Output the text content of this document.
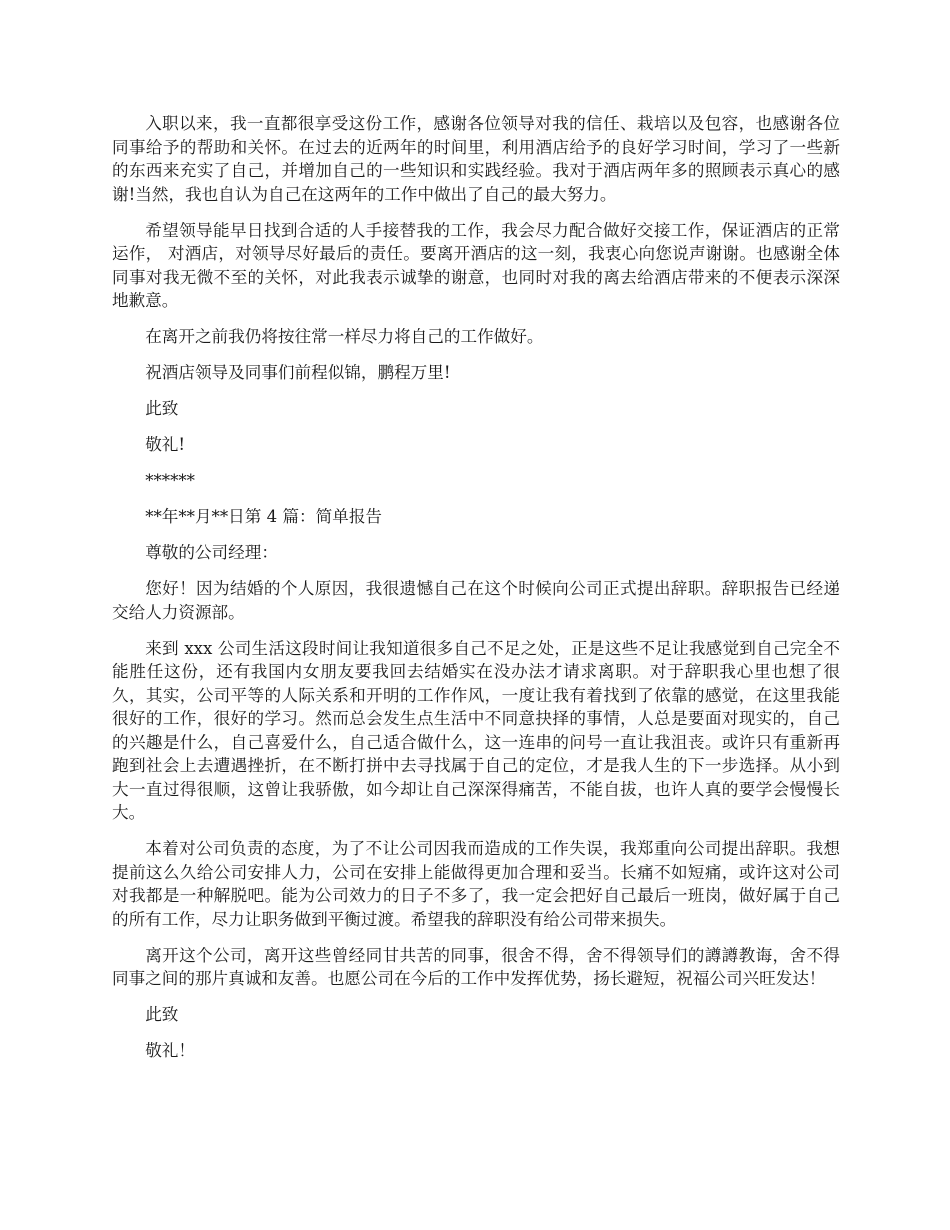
入职以来，我一直都很享受这份工作，感谢各位领导对我的信任、栽培以及包容，也感谢各位同事给予的帮助和关怀。在过去的近两年的时间里，利用酒店给予的良好学习时间，学习了一些新的东西来充实了自己，并增加自己的一些知识和实践经验。我对于酒店两年多的照顾表示真心的感谢!当然，我也自认为自己在这两年的工作中做出了自己的最大努力。

希望领导能早日找到合适的人手接替我的工作，我会尽力配合做好交接工作，保证酒店的正常运作， 对酒店，对领导尽好最后的责任。要离开酒店的这一刻，我衷心向您说声谢谢。也感谢全体同事对我无微不至的关怀，对此我表示诚挚的谢意，也同时对我的离去给酒店带来的不便表示深深地歉意。

在离开之前我仍将按往常一样尽力将自己的工作做好。

祝酒店领导及同事们前程似锦，鹏程万里!

此致

敬礼!

******

**年**月**日第 4 篇：简单报告

尊敬的公司经理：

您好！因为结婚的个人原因，我很遗憾自己在这个时候向公司正式提出辞职。辞职报告已经递交给人力资源部。

来到 xxx 公司生活这段时间让我知道很多自己不足之处，正是这些不足让我感觉到自己完全不能胜任这份，还有我国内女朋友要我回去结婚实在没办法才请求离职。对于辞职我心里也想了很久，其实，公司平等的人际关系和开明的工作作风，一度让我有着找到了依靠的感觉，在这里我能很好的工作，很好的学习。然而总会发生点生活中不同意抉择的事情，人总是要面对现实的，自己的兴趣是什么，自己喜爱什么，自己适合做什么，这一连串的问号一直让我沮丧。或许只有重新再跑到社会上去遭遇挫折，在不断打拼中去寻找属于自己的定位，才是我人生的下一步选择。从小到大一直过得很顺，这曾让我骄傲，如今却让自己深深得痛苦，不能自拔，也许人真的要学会慢慢长大。

本着对公司负责的态度，为了不让公司因我而造成的工作失误，我郑重向公司提出辞职。我想提前这么久给公司安排人力，公司在安排上能做得更加合理和妥当。长痛不如短痛，或许这对公司对我都是一种解脱吧。能为公司效力的日子不多了，我一定会把好自己最后一班岗，做好属于自己的所有工作，尽力让职务做到平衡过渡。希望我的辞职没有给公司带来损失。

离开这个公司，离开这些曾经同甘共苦的同事，很舍不得，舍不得领导们的譐譐教诲，舍不得同事之间的那片真诚和友善。也愿公司在今后的工作中发挥优势，扬长避短，祝福公司兴旺发达！

此致

敬礼！
